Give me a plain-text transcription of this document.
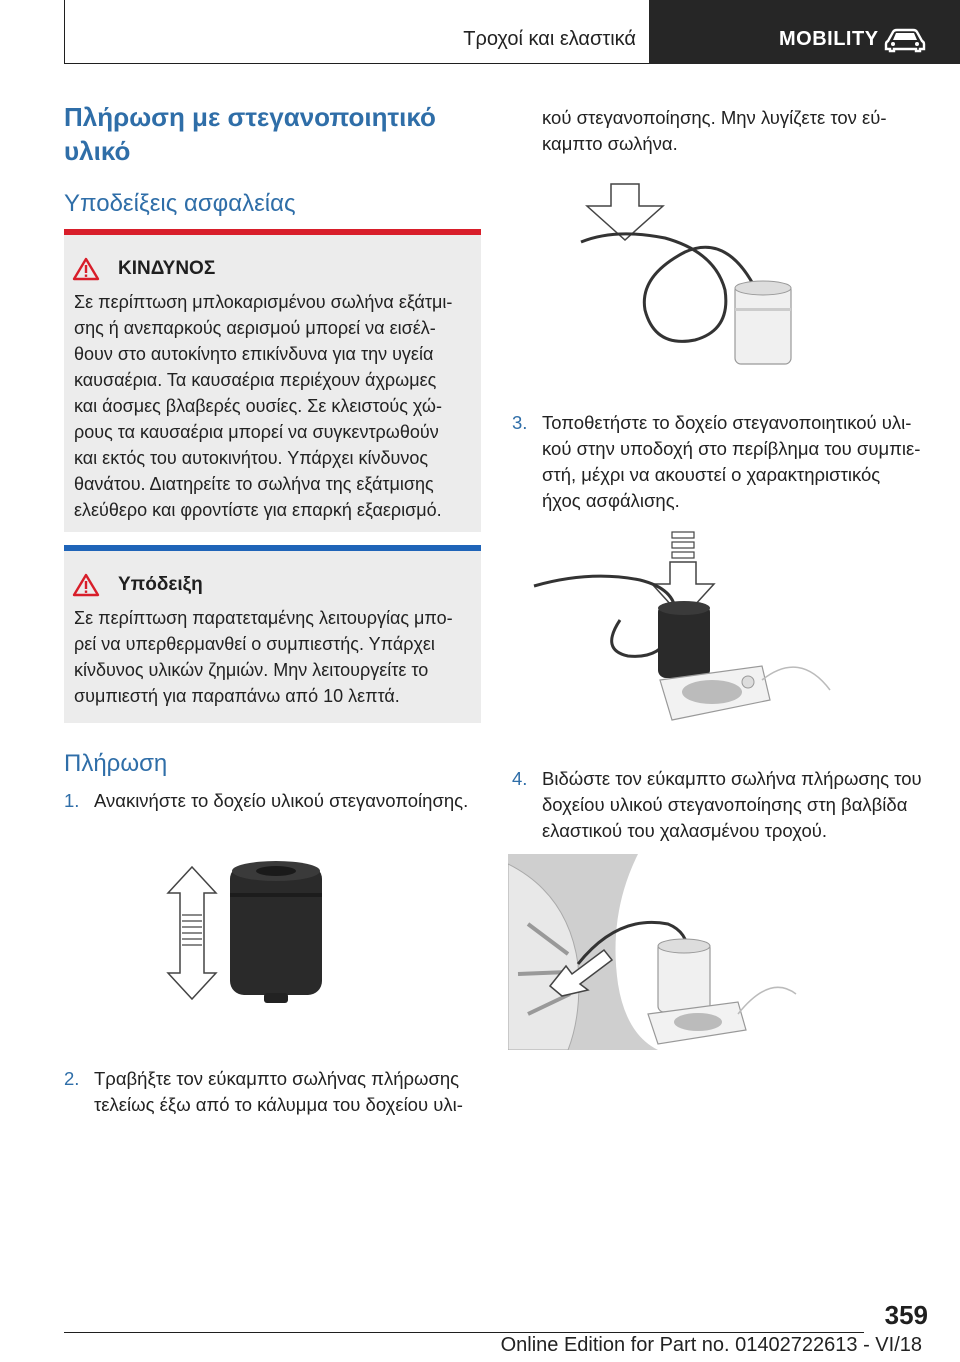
Τροχοί και ελαστικά	MOBILITY
Πλήρωση με στεγανοποιητικό
υλικό
Υποδείξεις ασφαλείας
ΚΙΝΔΥΝΟΣ
Σε περίπτωση μπλοκαρισμένου σωλήνα εξάτμι-
σης ή ανεπαρκούς αερισμού μπορεί να εισέλ-
θουν στο αυτοκίνητο επικίνδυνα για την υγεία
καυσαέρια. Τα καυσαέρια περιέχουν άχρωμες
και άοσμες βλαβερές ουσίες. Σε κλειστούς χώ-
ρους τα καυσαέρια μπορεί να συγκεντρωθούν
και εκτός του αυτοκινήτου. Υπάρχει κίνδυνος
θανάτου. Διατηρείτε το σωλήνα της εξάτμισης
ελεύθερο και φροντίστε για επαρκή εξαερισμό.
Υπόδειξη
Σε περίπτωση παρατεταμένης λειτουργίας μπο-
ρεί να υπερθερμανθεί ο συμπιεστής. Υπάρχει
κίνδυνος υλικών ζημιών. Μην λειτουργείτε το
συμπιεστή για παραπάνω από 10 λεπτά.
Πλήρωση
1. Ανακινήστε το δοχείο υλικού στεγανοποίησης.
2. Τραβήξτε τον εύκαμπτο σωλήνας πλήρωσης
τελείως έξω από το κάλυμμα του δοχείου υλι-
κού στεγανοποίησης. Μην λυγίζετε τον εύ-
καμπτο σωλήνα.
3. Τοποθετήστε το δοχείο στεγανοποιητικού υλι-
κού στην υποδοχή στο περίβλημα του συμπιε-
στή, μέχρι να ακουστεί ο χαρακτηριστικός
ήχος ασφάλισης.
4. Βιδώστε τον εύκαμπτο σωλήνα πλήρωσης του
δοχείου υλικού στεγανοποίησης στη βαλβίδα
ελαστικού του χαλασμένου τροχού.
359
Online Edition for Part no. 01402722613 - VI/18
